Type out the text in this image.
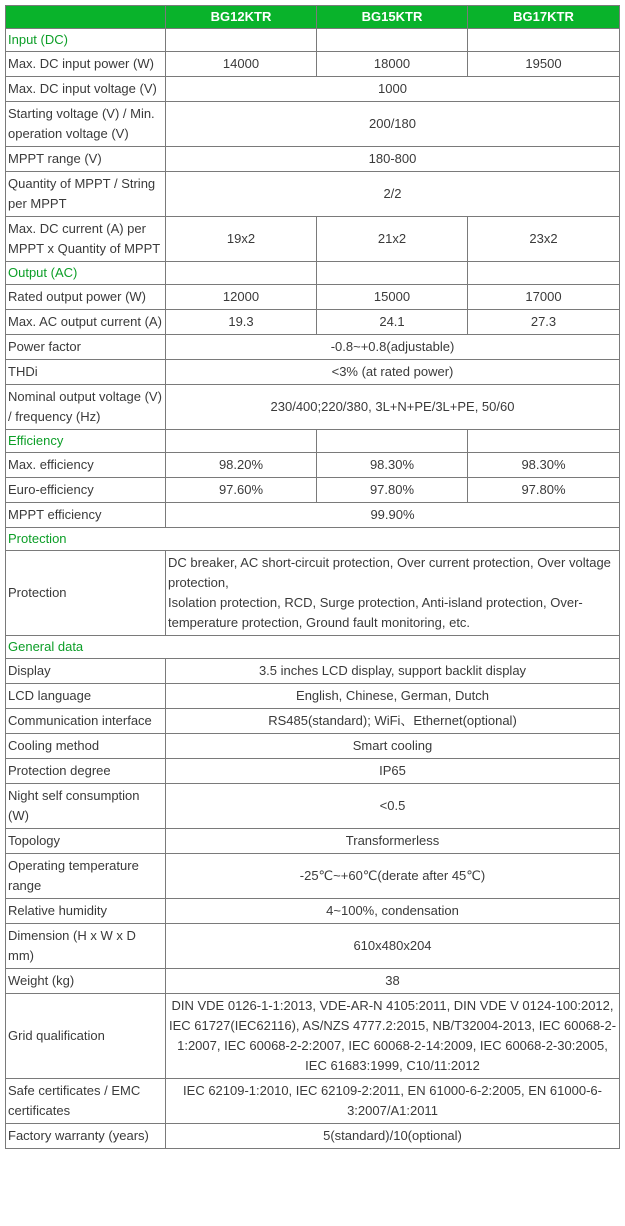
	BG12KTR	BG15KTR	BG17KTR
Input (DC)			
Max. DC input power (W)	14000	18000	19500
Max. DC input voltage (V)	1000		
Starting voltage (V) / Min. operation voltage (V)	200/180		
MPPT range (V)	180-800		
Quantity of MPPT / String per MPPT	2/2		
Max. DC current (A) per MPPT x Quantity of MPPT	19x2	21x2	23x2
Output (AC)			
Rated output power (W)	12000	15000	17000
Max. AC output current (A)	19.3	24.1	27.3
Power factor	-0.8~+0.8(adjustable)		
THDi	<3% (at rated power)		
Nominal output voltage (V) / frequency (Hz)	230/400;220/380, 3L+N+PE/3L+PE, 50/60		
Efficiency			
Max. efficiency	98.20%	98.30%	98.30%
Euro-efficiency	97.60%	97.80%	97.80%
MPPT efficiency	99.90%		
Protection			
Protection	DC breaker, AC short-circuit protection, Over current protection, Over voltage protection,
Isolation protection, RCD, Surge protection, Anti-island protection, Over-temperature protection, Ground fault monitoring, etc.		
General data			
Display	3.5 inches LCD display, support backlit display		
LCD language	English, Chinese, German, Dutch		
Communication interface	RS485(standard); WiFi、Ethernet(optional)		
Cooling method	Smart cooling		
Protection degree	IP65		
Night self consumption (W)	<0.5		
Topology	Transformerless		
Operating temperature range	-25℃~+60℃(derate after 45℃)		
Relative humidity	4~100%, condensation		
Dimension (H x W x D mm)	610x480x204		
Weight (kg)	38		
Grid qualification	DIN VDE 0126-1-1:2013, VDE-AR-N 4105:2011, DIN VDE V 0124-100:2012, IEC 61727(IEC62116), AS/NZS 4777.2:2015, NB/T32004-2013, IEC 60068-2-1:2007, IEC 60068-2-2:2007, IEC 60068-2-14:2009, IEC 60068-2-30:2005, IEC 61683:1999, C10/11:2012		
Safe certificates / EMC certificates	IEC 62109-1:2010, IEC 62109-2:2011, EN 61000-6-2:2005, EN 61000-6-3:2007/A1:2011		
Factory warranty (years)	5(standard)/10(optional)		
